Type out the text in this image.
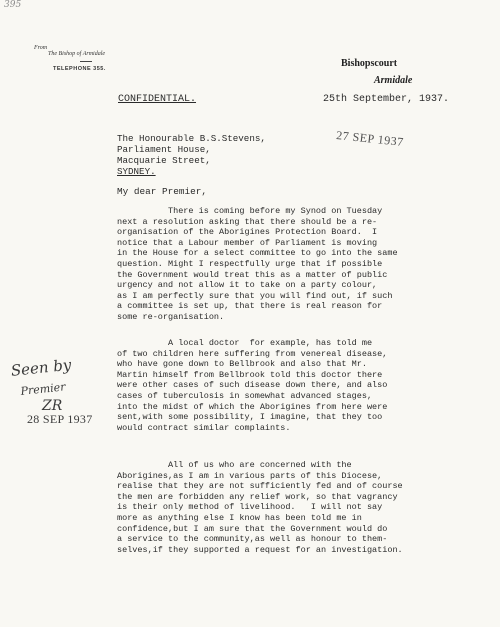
395
From
The Bishop of Armidale
TELEPHONE 355.	Bishopscourt
Armidale
CONFIDENTIAL.	25th September, 1937.
The Honourable B.S.Stevens,
Parliament House,
Macquarie Street,
SYDNEY.
27 SEP 1937
My dear Premier,
There is coming before my Synod on Tuesday
next a resolution asking that there should be a re-
organisation of the Aborigines Protection Board.  I
notice that a Labour member of Parliament is moving
in the House for a select committee to go into the same
question. Might I respectfully urge that if possible
the Government would treat this as a matter of public
urgency and not allow it to take on a party colour,
as I am perfectly sure that you will find out, if such
a committee is set up, that there is real reason for
some re-organisation.
A local doctor  for example, has told me
of two children here suffering from venereal disease,
who have gone down to Bellbrook and also that Mr.
Martin himself from Bellbrook told this doctor there
were other cases of such disease down there, and also
cases of tuberculosis in somewhat advanced stages,
into the midst of which the Aborigines from here were
sent,with some possibility, I imagine, that they too
would contract similar complaints.
All of us who are concerned with the
Aborigines,as I am in various parts of this Diocese,
realise that they are not sufficiently fed and of course
the men are forbidden any relief work, so that vagrancy
is their only method of livelihood.   I will not say
more as anything else I know has been told me in
confidence,but I am sure that the Government would do
a service to the community,as well as honour to them-
selves,if they supported a request for an investigation.
Seen by
Premier
ZR
28 SEP 1937
